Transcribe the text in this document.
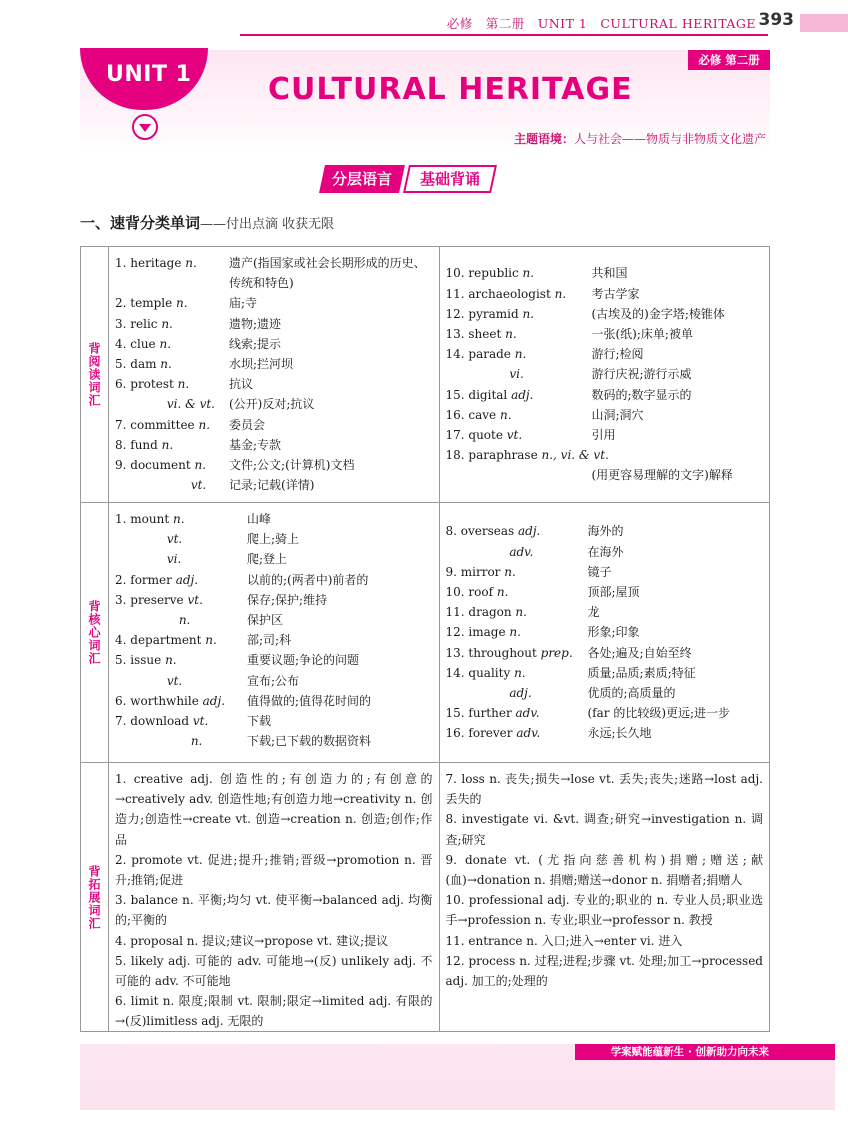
必修　第二册　UNIT 1　CULTURAL HERITAGE 393
UNIT 1
必修 第二册
CULTURAL HERITAGE
主题语境：人与社会——物质与非物质文化遗产
分层语言	基础背诵
一、速背分类单词——付出点滴 收获无限
背阅读词汇
1. heritage n.	遗产(指国家或社会长期形成的历史、传统和特色)
2. temple n.	庙;寺
3. relic n.	遗物;遗迹
4. clue n.	线索;提示
5. dam n.	水坝;拦河坝
6. protest n.	抗议
　　　　 vi. & vt.	(公开)反对;抗议
7. committee n.	委员会
8. fund n.	基金;专款
9. document n.	文件;公文;(计算机)文档
　　　　　　 vt.	记录;记载(详情)
10. republic n.	共和国
11. archaeologist n.	考古学家
12. pyramid n.	(古埃及的)金字塔;棱锥体
13. sheet n.	一张(纸);床单;被单
14. parade n.	游行;检阅
　　　　　 vi.	游行庆祝;游行示威
15. digital adj.	数码的;数字显示的
16. cave n.	山洞;洞穴
17. quote vt.	引用
18. paraphrase n., vi. & vt.
(用更容易理解的文字)解释
背核心词汇
1. mount n.	山峰
　　　　 vt.	爬上;骑上
　　　　 vi.	爬;登上
2. former adj.	以前的;(两者中)前者的
3. preserve vt.	保存;保护;维持
　　　　　 n.	保护区
4. department n.	部;司;科
5. issue n.	重要议题;争论的问题
　　　　 vt.	宣布;公布
6. worthwhile adj.	值得做的;值得花时间的
7. download vt.	下载
　　　　　　 n.	下载;已下载的数据资料
8. overseas adj.	海外的
　　　　　 adv.	在海外
9. mirror n.	镜子
10. roof n.	顶部;屋顶
11. dragon n.	龙
12. image n.	形象;印象
13. throughout prep.	各处;遍及;自始至终
14. quality n.	质量;品质;素质;特征
　　　　　 adj.	优质的;高质量的
15. further adv.	(far 的比较级)更远;进一步
16. forever adv.	永远;长久地
背拓展词汇
1. creative adj. 创造性的;有创造力的;有创意的→creatively adv. 创造性地;有创造力地→creativity n. 创造力;创造性→create vt. 创造→creation n. 创造;创作;作品
2. promote vt. 促进;提升;推销;晋级→promotion n. 晋升;推销;促进
3. balance n. 平衡;均匀 vt. 使平衡→balanced adj. 均衡的;平衡的
4. proposal n. 提议;建议→propose vt. 建议;提议
5. likely adj. 可能的 adv. 可能地→(反) unlikely adj. 不可能的 adv. 不可能地
6. limit n. 限度;限制 vt. 限制;限定→limited adj. 有限的→(反)limitless adj. 无限的
7. loss n. 丧失;损失→lose vt. 丢失;丧失;迷路→lost adj. 丢失的
8. investigate vi. &vt. 调查;研究→investigation n. 调查;研究
9. donate vt. (尤指向慈善机构)捐赠;赠送;献(血)→donation n. 捐赠;赠送→donor n. 捐赠者;捐赠人
10. professional adj. 专业的;职业的 n. 专业人员;职业选手→profession n. 专业;职业→professor n. 教授
11. entrance n. 入口;进入→enter vi. 进入
12. process n. 过程;进程;步骤 vt. 处理;加工→processed adj. 加工的;处理的
学案赋能蕴新生 · 创新助力向未来
